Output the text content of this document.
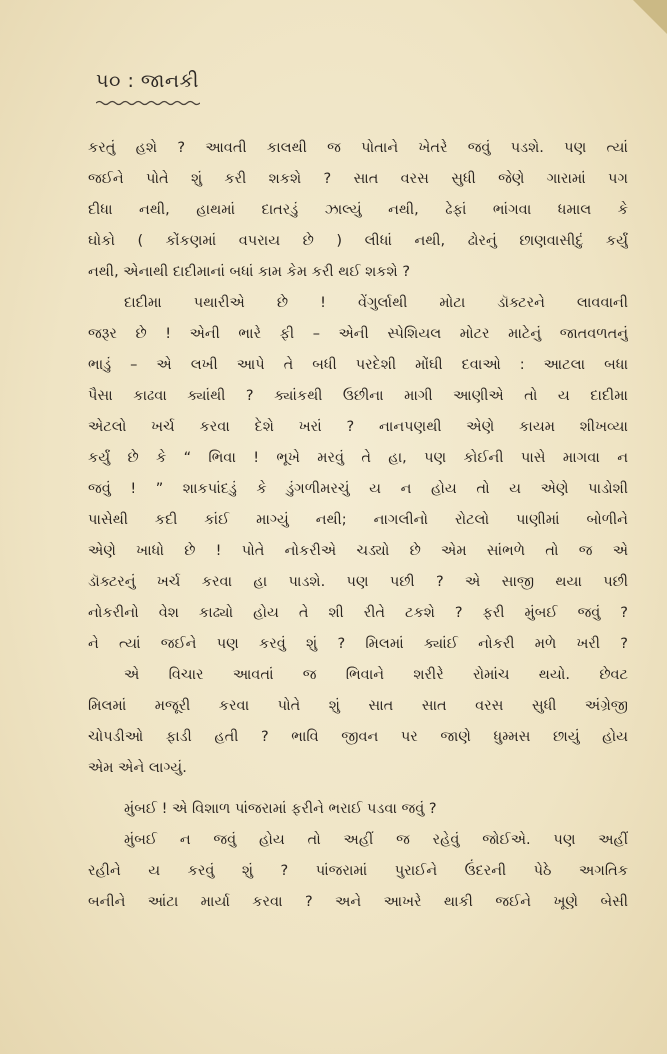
૫૦ : જાનકી
કરતું હશે ? આવતી કાલથી જ પોતાને ખેતરે જવું પડશે. પણ ત્યાં
જઈને પોતે શું કરી શકશે ? સાત વરસ સુધી જેણે ગારામાં પગ
દીધા નથી, હાથમાં દાતરડું ઝાલ્યું નથી, ઢેફાં ભાંગવા ધમાલ કે
ઘોકો ( કોંકણમાં વપરાય છે ) લીધાં નથી, ઢોરનું છાણવાસીદું કર્યું
નથી, એનાથી દાદીમાનાં બધાં કામ કેમ કરી થઈ શકશે ?
દાદીમા પથારીએ છે ! વેંગુર્લાથી મોટા ડૉક્ટરને લાવવાની
જરૂર છે ! એની ભારે ફી – એની સ્પેશિયલ મોટર માટેનું જાતવળતનું
ભાડું – એ લખી આપે તે બધી પરદેશી મોંઘી દવાઓ : આટલા બધા
પૈસા કાઢવા ક્યાંથી ? ક્યાંકથી ઉછીના માગી આણીએ તો ય દાદીમા
એટલો ખર્ચ કરવા દેશે ખરાં ? નાનપણથી એણે કાયમ શીખવ્યા
કર્યું છે કે “ ભિવા ! ભૂખે મરવું તે હા, પણ કોઈની પાસે માગવા ન
જવું ! ” શાકપાંદડું કે ડુંગળીમરચું ય ન હોય તો ય એણે પાડોશી
પાસેથી કદી કાંઈ માગ્યું નથી; નાગલીનો રોટલો પાણીમાં બોળીને
એણે ખાધો છે ! પોતે નોકરીએ ચડ્યો છે એમ સાંભળે તો જ એ
ડૉક્ટરનું ખર્ચ કરવા હા પાડશે. પણ પછી ? એ સાજી થયા પછી
નોકરીનો વેશ કાઢ્યો હોય તે શી રીતે ટકશે ? ફરી મુંબઈ જવું ?
ને ત્યાં જઈને પણ કરવું શું ? મિલમાં ક્યાંઈ નોકરી મળે ખરી ?
એ વિચાર આવતાં જ ભિવાને શરીરે રોમાંચ થયો. છેવટ
મિલમાં મજૂરી કરવા પોતે શું સાત સાત વરસ સુધી અંગ્રેજી
ચોપડીઓ ફાડી હતી ? ભાવિ જીવન પર જાણે ધુમ્મસ છાયું હોય
એમ એને લાગ્યું.
મુંબઈ ! એ વિશાળ પાંજરામાં ફરીને ભરાઈ પડવા જવું ?
મુંબઈ ન જવું હોય તો અહીં જ રહેવું જોઈએ. પણ અહીં
રહીને ય કરવું શું ? પાંજરામાં પુરાઈને ઉંદરની પેઠે અગતિક
બનીને આંટા માર્યા કરવા ? અને આખરે થાકી જઈને ખૂણે બેસી
